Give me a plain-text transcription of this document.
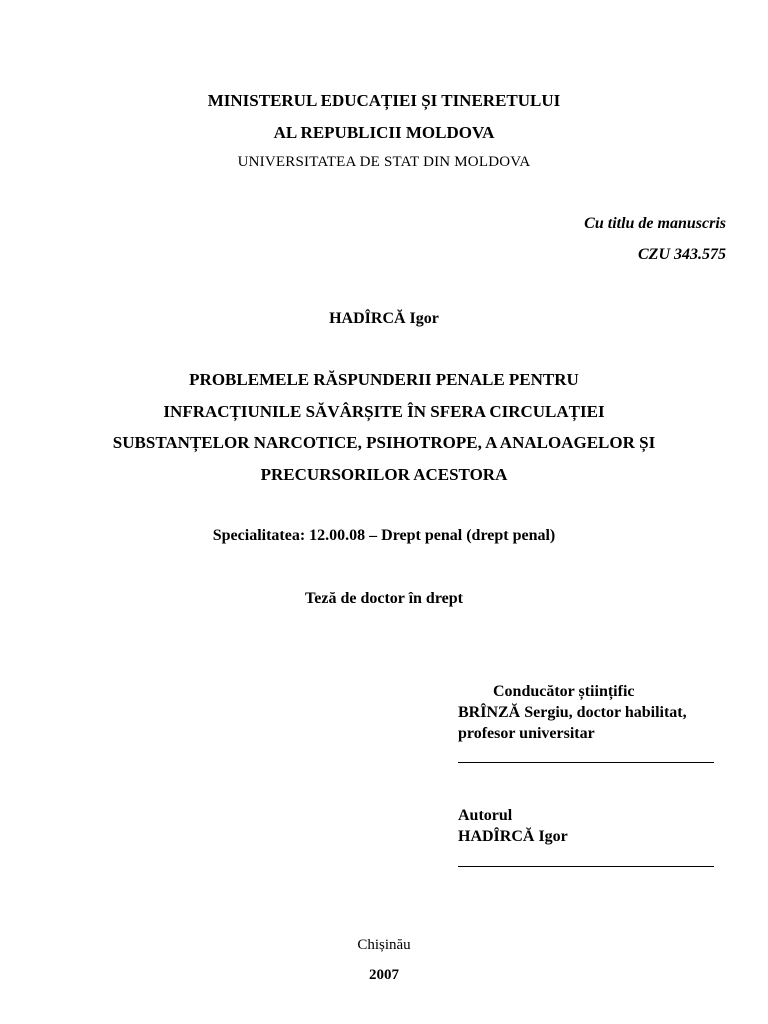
MINISTERUL EDUCAȚIEI ȘI TINERETULUI
AL REPUBLICII MOLDOVA
UNIVERSITATEA DE STAT DIN MOLDOVA
Cu titlu de manuscris
CZU 343.575
HADÎRCĂ Igor
PROBLEMELE RĂSPUNDERII PENALE PENTRU
INFRACȚIUNILE SĂVÂRȘITE ÎN SFERA CIRCULAȚIEI
SUBSTANȚELOR NARCOTICE, PSIHOTROPE, A ANALOAGELOR ȘI
PRECURSORILOR ACESTORA
Specialitatea: 12.00.08 – Drept penal (drept penal)
Teză de doctor în drept
Conducător științific
BRÎNZĂ Sergiu, doctor habilitat,
profesor universitar
Autorul
HADÎRCĂ Igor
Chișinău
2007
